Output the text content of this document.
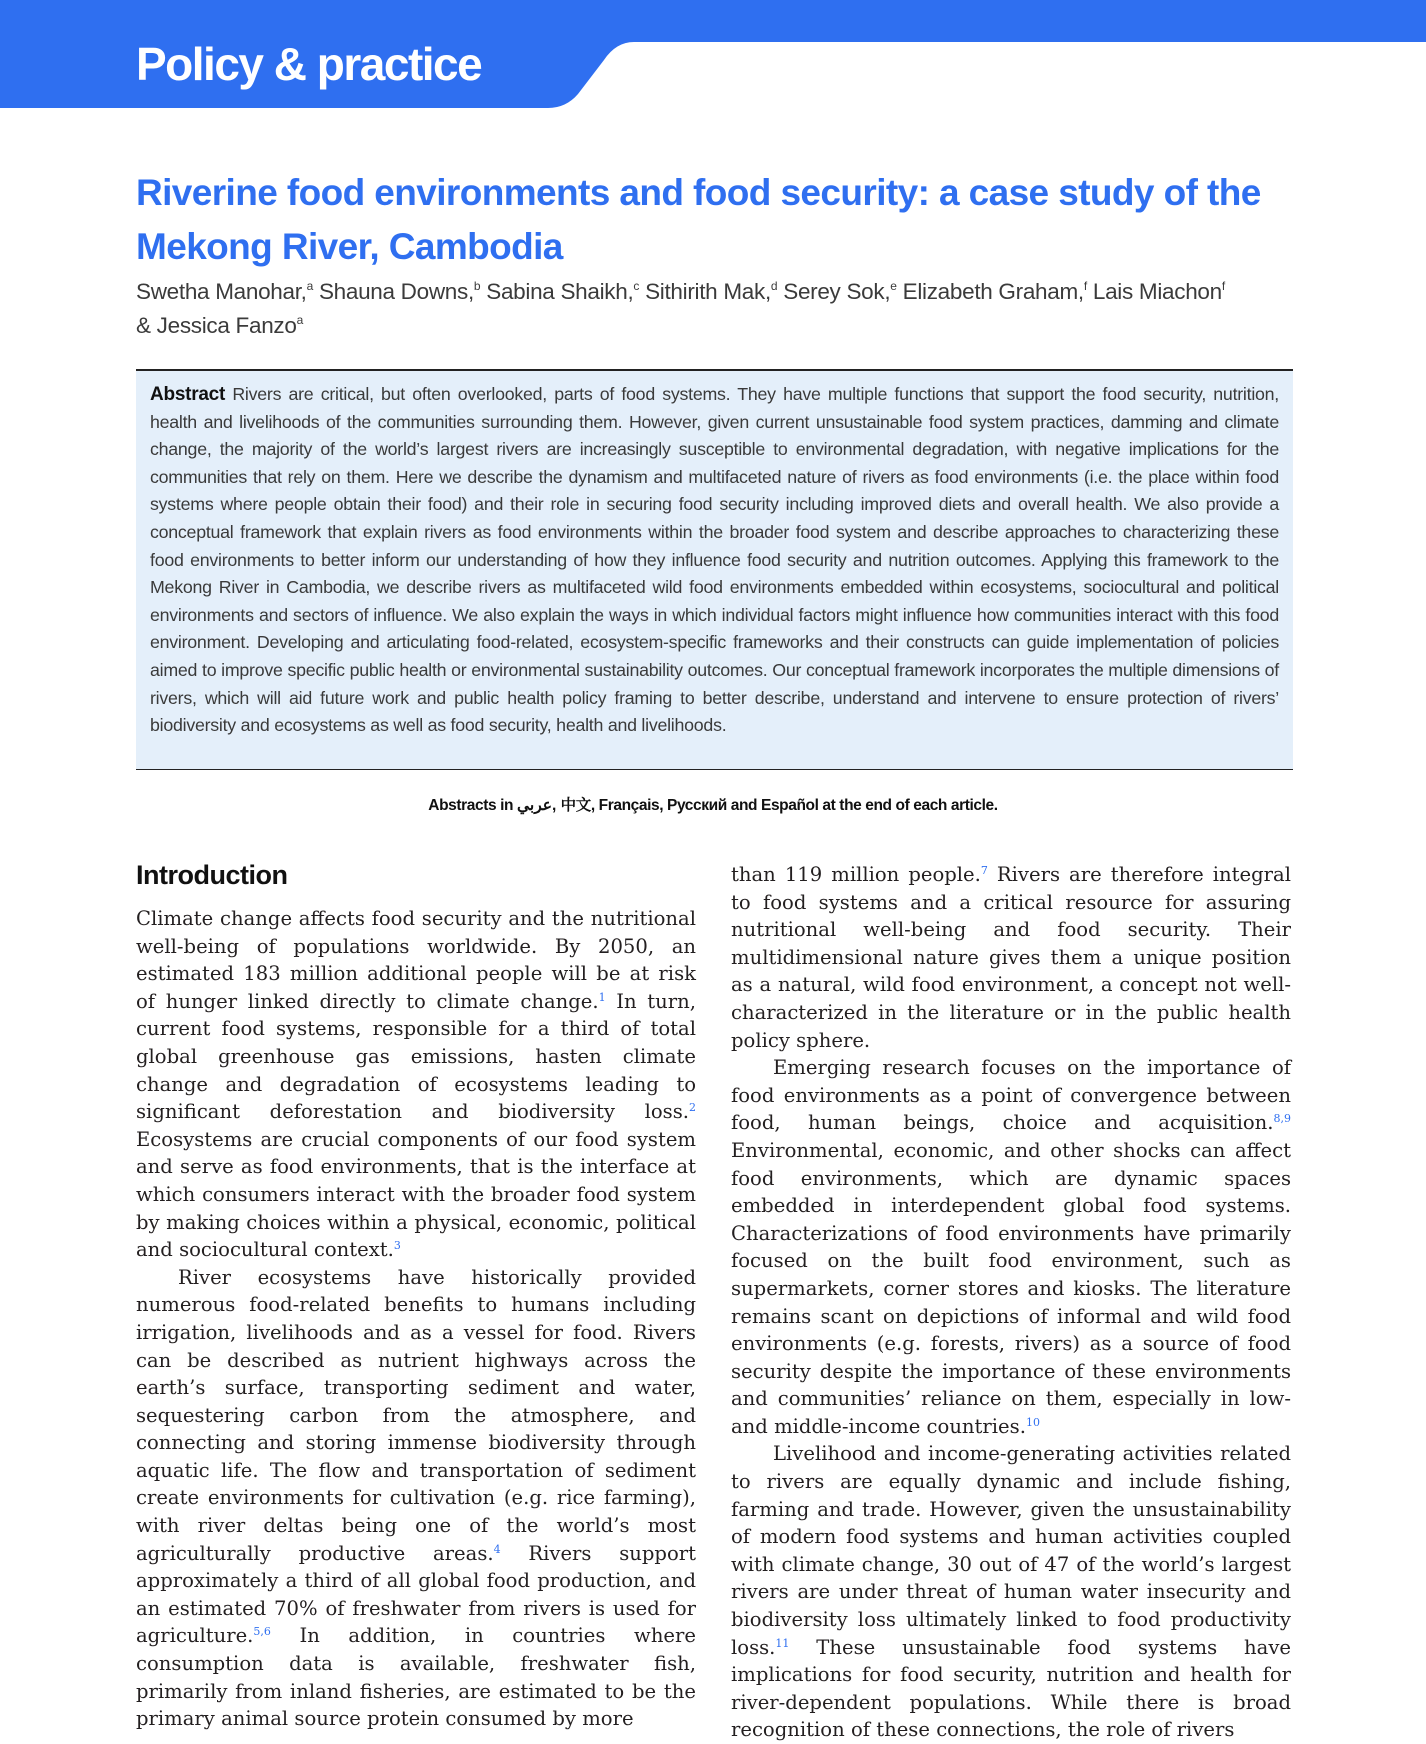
Policy & practice
Riverine food environments and food security: a case study of the
Mekong River, Cambodia
Swetha Manohar,$^a$ Shauna Downs,$^b$ Sabina Shaikh,$^c$ Sithirith Mak,$^d$ Serey Sok,$^e$ Elizabeth Graham,$^f$ Lais Miachon$^f$
& Jessica Fanzo$^a$

Abstract Rivers are critical, but often overlooked, parts of food systems. They have multiple functions that support the food security, nutrition, health and livelihoods of the communities surrounding them. However, given current unsustainable food system practices, damming and climate change, the majority of the world’s largest rivers are increasingly susceptible to environmental degradation, with negative implications for the communities that rely on them. Here we describe the dynamism and multifaceted nature of rivers as food environments (i.e. the place within food systems where people obtain their food) and their role in securing food security including improved diets and overall health. We also provide a conceptual framework that explain rivers as food environments within the broader food system and describe approaches to characterizing these food environments to better inform our understanding of how they influence food security and nutrition outcomes. Applying this framework to the Mekong River in Cambodia, we describe rivers as multifaceted wild food environments embedded within ecosystems, sociocultural and political environments and sectors of influence. We also explain the ways in which individual factors might influence how communities interact with this food environment. Developing and articulating food-related, ecosystem-specific frameworks and their constructs can guide implementation of policies aimed to improve specific public health or environmental sustainability outcomes. Our conceptual framework incorporates the multiple dimensions of rivers, which will aid future work and public health policy framing to better describe, understand and intervene to ensure protection of rivers’ biodiversity and ecosystems as well as food security, health and livelihoods.

Abstracts in عربي, 中文, Français, Русский and Español at the end of each article.
Introduction

Climate change affects food security and the nutritional well-being of populations worldwide. By 2050, an estimated 183 million additional people will be at risk of hunger linked directly to climate change.$^1$ In turn, current food systems, responsible for a third of total global greenhouse gas emissions, hasten climate change and degradation of ecosystems leading to significant deforestation and biodiversity loss.$^2$ Ecosystems are crucial components of our food system and serve as food environments, that is the interface at which consumers interact with the broader food system by making choices within a physical, economic, political and sociocultural context.$^3$

River ecosystems have historically provided numerous food-related benefits to humans including irrigation, livelihoods and as a vessel for food. Rivers can be described as nutrient highways across the earth’s surface, transporting sediment and water, sequestering carbon from the atmosphere, and connecting and storing immense biodiversity through aquatic life. The flow and transportation of sediment create environments for cultivation (e.g. rice farming), with river deltas being one of the world’s most agriculturally productive areas.$^4$ Rivers support approximately a third of all global food production, and an estimated 70% of freshwater from rivers is used for agriculture.$^{5,6}$ In addition, in countries where consumption data is available, freshwater fish, primarily from inland fisheries, are estimated to be the primary animal source protein consumed by more

than 119 million people.$^7$ Rivers are therefore integral to food systems and a critical resource for assuring nutritional well-being and food security. Their multidimensional nature gives them a unique position as a natural, wild food environment, a concept not well-characterized in the literature or in the public health policy sphere.

Emerging research focuses on the importance of food environments as a point of convergence between food, human beings, choice and acquisition.$^{8,9}$ Environmental, economic, and other shocks can affect food environments, which are dynamic spaces embedded in interdependent global food systems. Characterizations of food environments have primarily focused on the built food environment, such as supermarkets, corner stores and kiosks. The literature remains scant on depictions of informal and wild food environments (e.g. forests, rivers) as a source of food security despite the importance of these environments and communities’ reliance on them, especially in low- and middle-income countries.$^{10}$

Livelihood and income-generating activities related to rivers are equally dynamic and include fishing, farming and trade. However, given the unsustainability of modern food systems and human activities coupled with climate change, 30 out of 47 of the world’s largest rivers are under threat of human water insecurity and biodiversity loss ultimately linked to food productivity loss.$^{11}$ These unsustainable food systems have implications for food security, nutrition and health for river-dependent populations. While there is broad recognition of these connections, the role of rivers
